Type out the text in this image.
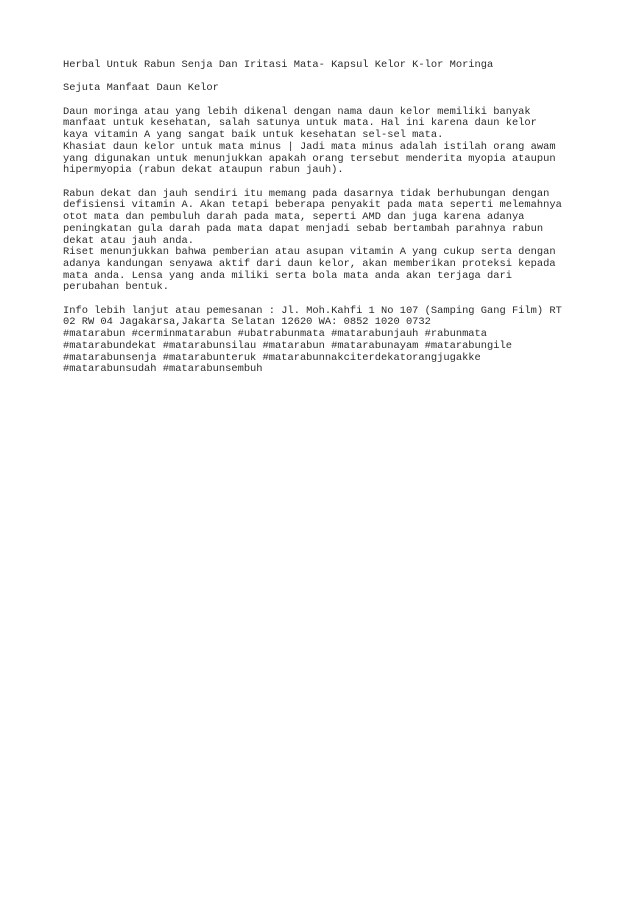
Herbal Untuk Rabun Senja Dan Iritasi Mata- Kapsul Kelor K-lor Moringa
Sejuta Manfaat Daun Kelor
Daun moringa atau yang lebih dikenal dengan nama daun kelor memiliki banyak
manfaat untuk kesehatan, salah satunya untuk mata. Hal ini karena daun kelor
kaya vitamin A yang sangat baik untuk kesehatan sel-sel mata.
Khasiat daun kelor untuk mata minus | Jadi mata minus adalah istilah orang awam
yang digunakan untuk menunjukkan apakah orang tersebut menderita myopia ataupun
hipermyopia (rabun dekat ataupun rabun jauh).
Rabun dekat dan jauh sendiri itu memang pada dasarnya tidak berhubungan dengan
defisiensi vitamin A. Akan tetapi beberapa penyakit pada mata seperti melemahnya
otot mata dan pembuluh darah pada mata, seperti AMD dan juga karena adanya
peningkatan gula darah pada mata dapat menjadi sebab bertambah parahnya rabun
dekat atau jauh anda.
Riset menunjukkan bahwa pemberian atau asupan vitamin A yang cukup serta dengan
adanya kandungan senyawa aktif dari daun kelor, akan memberikan proteksi kepada
mata anda. Lensa yang anda miliki serta bola mata anda akan terjaga dari
perubahan bentuk.
Info lebih lanjut atau pemesanan : Jl. Moh.Kahfi 1 No 107 (Samping Gang Film) RT
02 RW 04 Jagakarsa,Jakarta Selatan 12620 WA: 0852 1020 0732
#matarabun #cerminmatarabun #ubatrabunmata #matarabunjauh #rabunmata
#matarabundekat #matarabunsilau #matarabun #matarabunayam #matarabungile
#matarabunsenja #matarabunteruk #matarabunnakciterdekatorangjugakke
#matarabunsudah #matarabunsembuh
